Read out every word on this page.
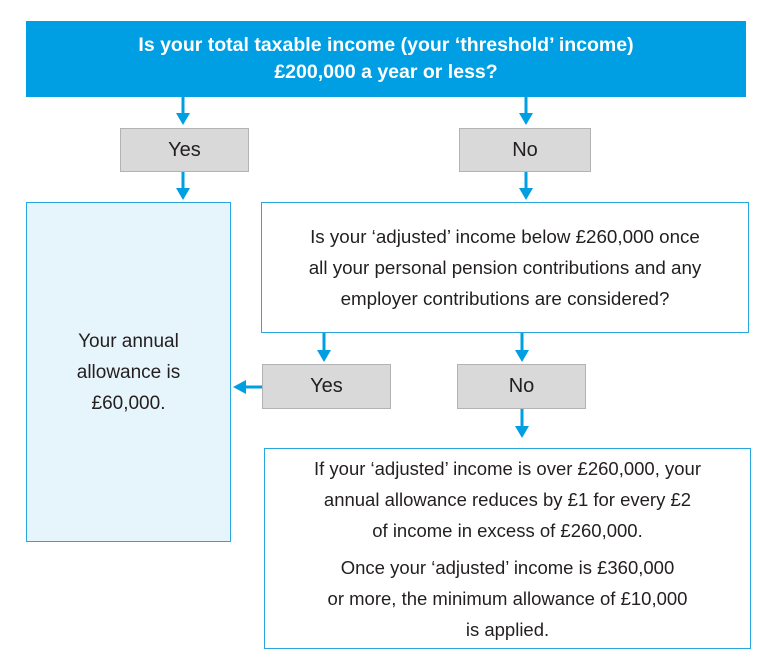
Is your total taxable income (your ‘threshold’ income)
£200,000 a year or less?
Yes	No
Your annual
allowance is
£60,000.
Is your ‘adjusted’ income below £260,000 once
all your personal pension contributions and any
employer contributions are considered?
Yes	No

If your ‘adjusted’ income is over £260,000, your
annual allowance reduces by £1 for every £2
of income in excess of £260,000.

Once your ‘adjusted’ income is £360,000
or more, the minimum allowance of £10,000
is applied.
